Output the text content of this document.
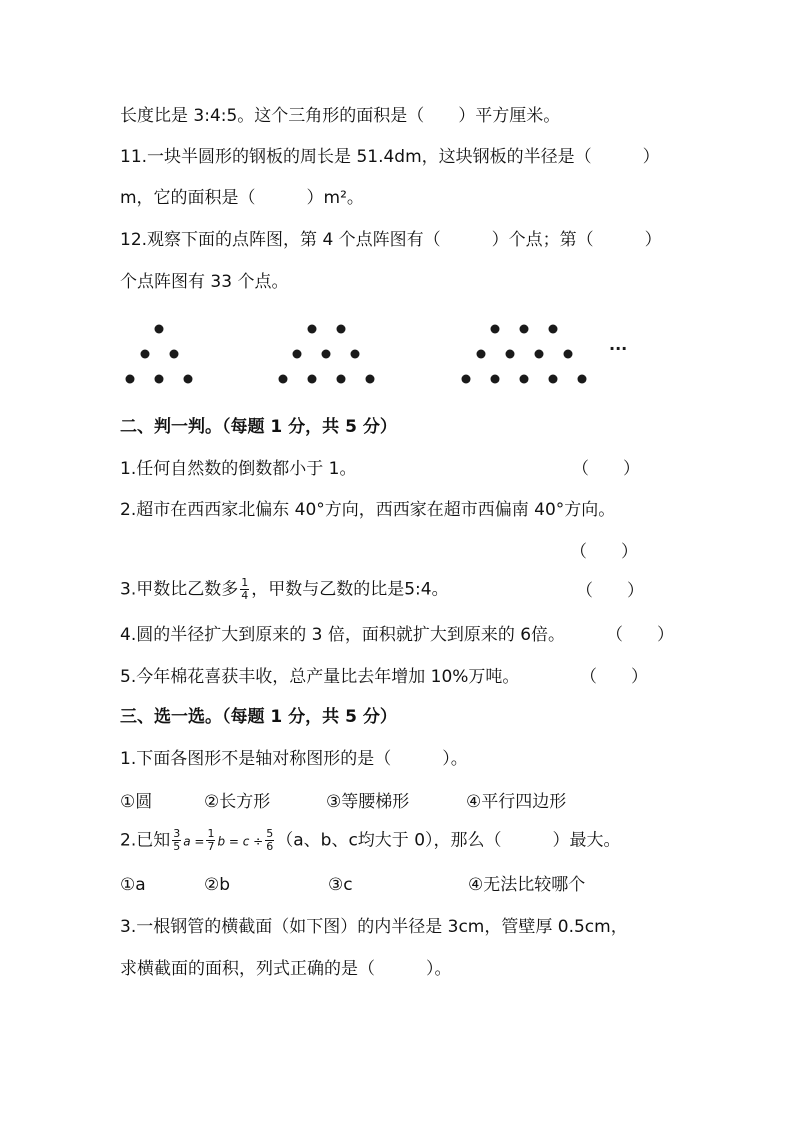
长度比是 3:4:5。这个三角形的面积是（　　）平方厘米。
11.一块半圆形的钢板的周长是 51.4dm，这块钢板的半径是（　　　）
m，它的面积是（　　　）m²。
12.观察下面的点阵图，第 4 个点阵图有（　　　）个点；第（　　　）
个点阵图有 33 个点。
···
二、判一判。（每题 1 分，共 5 分）
1.任何自然数的倒数都小于 1。	（　　）
2.超市在西西家北偏东 40°方向，西西家在超市西偏南 40°方向。
（　　）
3.甲数比乙数多 $\frac{1}{4}$ ，甲数与乙数的比是5:4。	（　　）
4.圆的半径扩大到原来的 3 倍，面积就扩大到原来的 6倍。 （　　）
5.今年棉花喜获丰收，总产量比去年增加 10%万吨。	（　　）
三、选一选。（每题 1 分，共 5 分）
1.下面各图形不是轴对称图形的是（　　　）。
①圆	②长方形	③等腰梯形	④平行四边形
2.已知 $\frac{3}{5}$ $a = \frac{1}{7}$ $b = c \div \frac{5}{6} (a$、b、c均大于 0），那么（　　　）最大。
①a	②b	③c	④无法比较哪个
3.一根钢管的横截面（如下图）的内半径是 3cm，管壁厚 0.5cm，
求横截面的面积，列式正确的是（　　　）。
